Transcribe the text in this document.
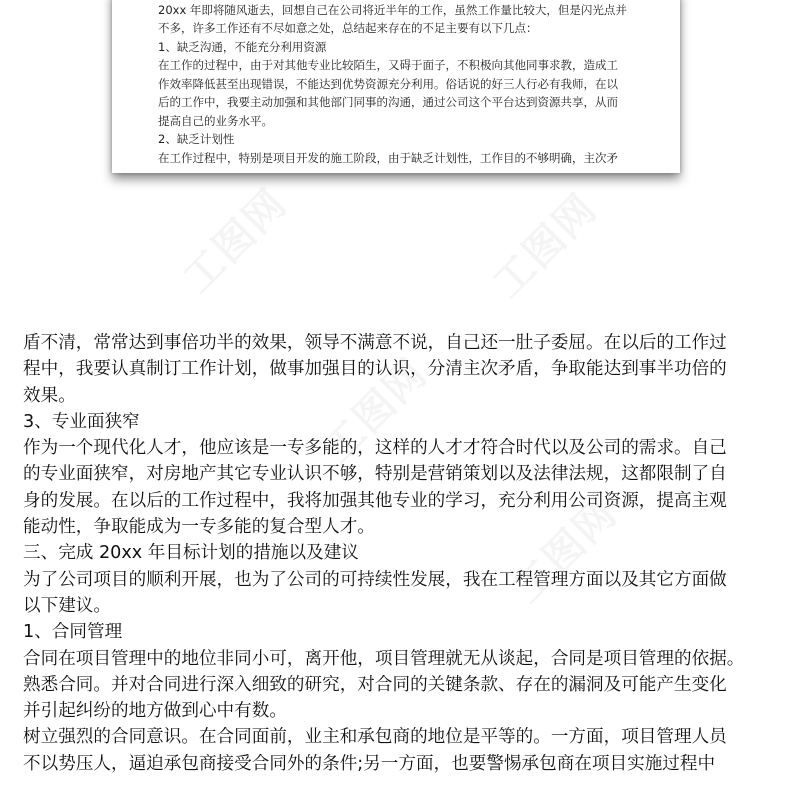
工图网	工图网
工图网
工图网

20xx 年即将随风逝去，回想自己在公司将近半年的工作，虽然工作量比较大，但是闪光点并

不多，许多工作还有不尽如意之处，总结起来存在的不足主要有以下几点：

1、缺乏沟通，不能充分利用资源

在工作的过程中，由于对其他专业比较陌生，又碍于面子，不积极向其他同事求教，造成工

作效率降低甚至出现错误，不能达到优势资源充分利用。俗话说的好三人行必有我师，在以

后的工作中，我要主动加强和其他部门同事的沟通，通过公司这个平台达到资源共享，从而

提高自己的业务水平。

2、缺乏计划性

在工作过程中，特别是项目开发的施工阶段，由于缺乏计划性，工作目的不够明确，主次矛

盾不清，常常达到事倍功半的效果，领导不满意不说，自己还一肚子委屈。在以后的工作过

程中，我要认真制订工作计划，做事加强目的认识，分清主次矛盾，争取能达到事半功倍的

效果。

3、专业面狭窄

作为一个现代化人才，他应该是一专多能的，这样的人才才符合时代以及公司的需求。自己

的专业面狭窄，对房地产其它专业认识不够，特别是营销策划以及法律法规，这都限制了自

身的发展。在以后的工作过程中，我将加强其他专业的学习，充分利用公司资源，提高主观

能动性，争取能成为一专多能的复合型人才。

三、完成 20xx 年目标计划的措施以及建议

为了公司项目的顺利开展，也为了公司的可持续性发展，我在工程管理方面以及其它方面做

以下建议。

1、合同管理

合同在项目管理中的地位非同小可，离开他，项目管理就无从谈起，合同是项目管理的依据。

熟悉合同。并对合同进行深入细致的研究，对合同的关键条款、存在的漏洞及可能产生变化

并引起纠纷的地方做到心中有数。

树立强烈的合同意识。在合同面前，业主和承包商的地位是平等的。一方面，项目管理人员

不以势压人，逼迫承包商接受合同外的条件;另一方面，也要警惕承包商在项目实施过程中
